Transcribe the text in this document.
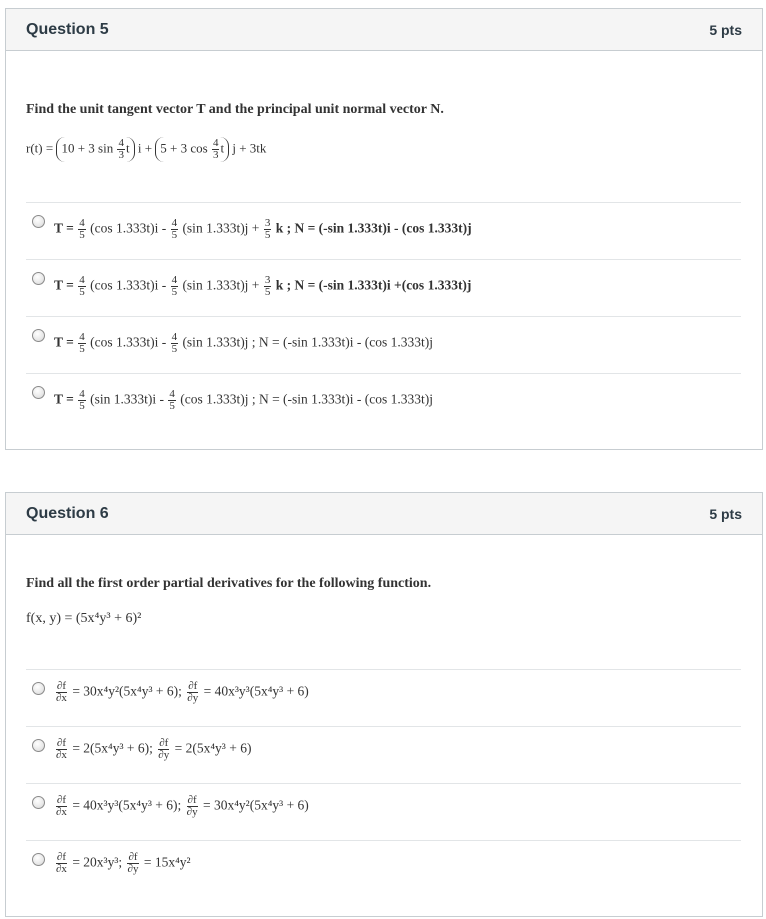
Question 5	5 pts
Find the unit tangent vector T and the principal unit normal vector N.
r(t) = 10 + 3 $\sin \frac{4}{3}$ t i + 5 + 3 $\cos \frac{4}{3}$ t j + 3tk
$T = \frac{4}{5} (\cos$ $1.333t)i - \frac{4}{5} (\sin$ $1.333t)j + \frac{3}{5}$ k ; N = (-sin 1.333t)i - (cos 1.333t)j
$T = \frac{4}{5} (\cos$ $1.333t)i - \frac{4}{5} (\sin$ $1.333t)j + \frac{3}{5}$ k ; N = (-sin 1.333t)i +(cos 1.333t)j
$T = \frac{4}{5} (\cos$ $1.333t)i - \frac{4}{5} (\sin$ 1.333t)j ; N = (-sin 1.333t)i - (cos 1.333t)j
$T = \frac{4}{5} (\sin$ $1.333t)i - \frac{4}{5} (\cos$ 1.333t)j ; N = (-sin 1.333t)i - (cos 1.333t)j
Question 6	5 pts
Find all the first order partial derivatives for the following function.
f(x, y) = (5x⁴y³ + 6)²
$\frac{\partial f}{\partial x} = 30x^4y^2(5x^4y^3 + 6)$; $\frac{\partial f}{\partial y} = 40x^3y^3(5x^4y^3 + 6)$
$\frac{\partial f}{\partial x} = 2(5x^4y^3 + 6)$; $\frac{\partial f}{\partial y} = 2(5x^4y^3 + 6)$
$\frac{\partial f}{\partial x} = 40x^3y^3(5x^4y^3 + 6)$; $\frac{\partial f}{\partial y} = 30x^4y^2(5x^4y^3 + 6)$
$\frac{\partial f}{\partial x} = 20x^3y^3$; $\frac{\partial f}{\partial y} = 15x^4y^2$
